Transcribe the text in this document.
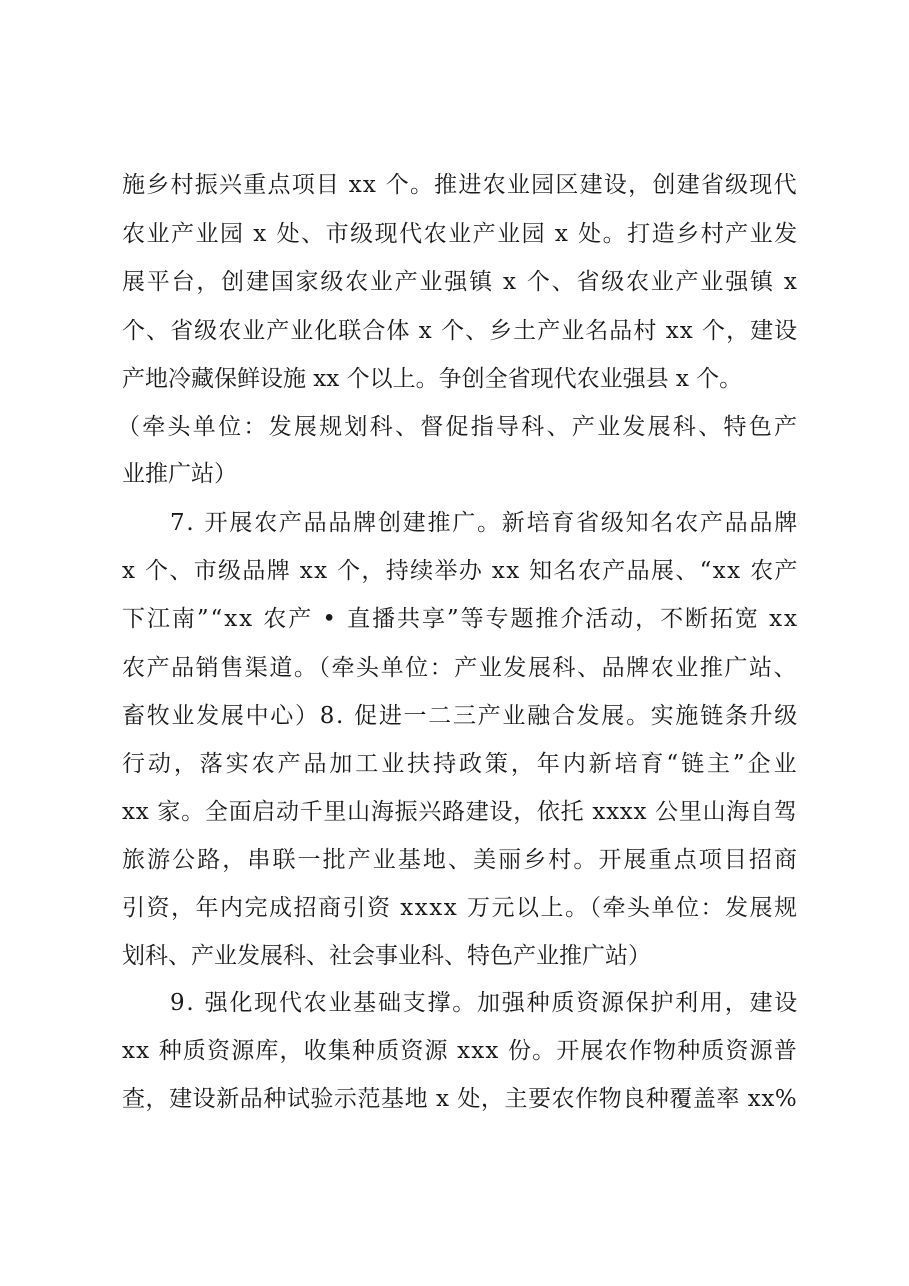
施乡村振兴重点项目 xx 个。推进农业园区建设，创建省级现代
农业产业园 x 处、市级现代农业产业园 x 处。打造乡村产业发
展平台，创建国家级农业产业强镇 x 个、省级农业产业强镇 x
个、省级农业产业化联合体 x 个、乡土产业名品村 xx 个，建设
产地冷藏保鲜设施 xx 个以上。争创全省现代农业强县 x 个。
（牵头单位：发展规划科、督促指导科、产业发展科、特色产
业推广站）
7. 开展农产品品牌创建推广。新培育省级知名农产品品牌
x 个、市级品牌 xx 个，持续举办 xx 知名农产品展、“xx 农产
下江南”“xx 农产 • 直播共享”等专题推介活动，不断拓宽 xx
农产品销售渠道。（牵头单位：产业发展科、品牌农业推广站、
畜牧业发展中心）8. 促进一二三产业融合发展。实施链条升级
行动，落实农产品加工业扶持政策，年内新培育“链主”企业
xx 家。全面启动千里山海振兴路建设，依托 xxxx 公里山海自驾
旅游公路，串联一批产业基地、美丽乡村。开展重点项目招商
引资，年内完成招商引资 xxxx 万元以上。（牵头单位：发展规
划科、产业发展科、社会事业科、特色产业推广站）
9. 强化现代农业基础支撑。加强种质资源保护利用，建设
xx 种质资源库，收集种质资源 xxx 份。开展农作物种质资源普
查，建设新品种试验示范基地 x 处，主要农作物良种覆盖率 xx%
